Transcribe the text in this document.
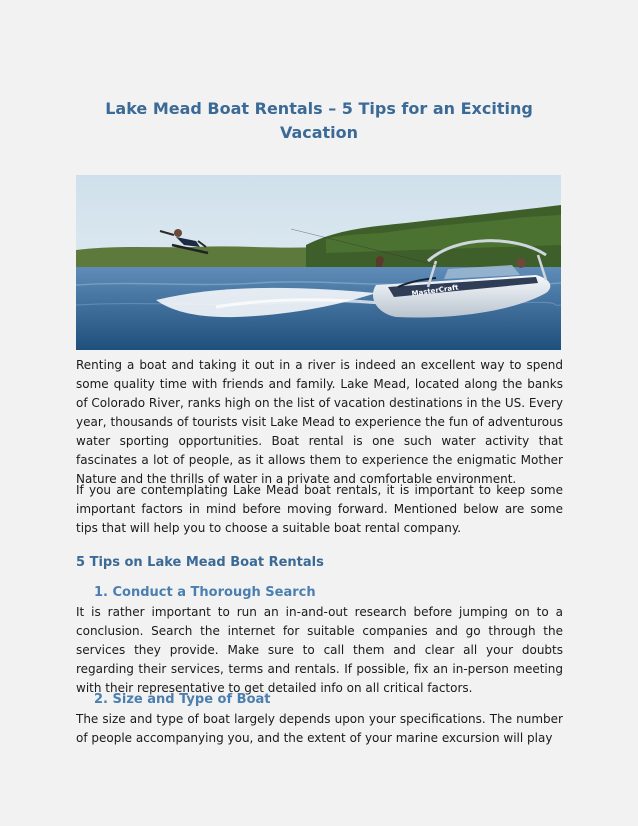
Lake Mead Boat Rentals – 5 Tips for an Exciting Vacation
MasterCraft

Renting a boat and taking it out in a river is indeed an excellent way to spend some quality time with friends and family. Lake Mead, located along the banks of Colorado River, ranks high on the list of vacation destinations in the US. Every year, thousands of tourists visit Lake Mead to experience the fun of adventurous water sporting opportunities. Boat rental is one such water activity that fascinates a lot of people, as it allows them to experience the enigmatic Mother Nature and the thrills of water in a private and comfortable environment.

If you are contemplating Lake Mead boat rentals, it is important to keep some important factors in mind before moving forward. Mentioned below are some tips that will help you to choose a suitable boat rental company.

5 Tips on Lake Mead Boat Rentals
1. Conduct a Thorough Search

It is rather important to run an in-and-out research before jumping on to a conclusion. Search the internet for suitable companies and go through the services they provide. Make sure to call them and clear all your doubts regarding their services, terms and rentals. If possible, fix an in-person meeting with their representative to get detailed info on all critical factors.

2. Size and Type of Boat

The size and type of boat largely depends upon your specifications. The number of people accompanying you, and the extent of your marine excursion will play
